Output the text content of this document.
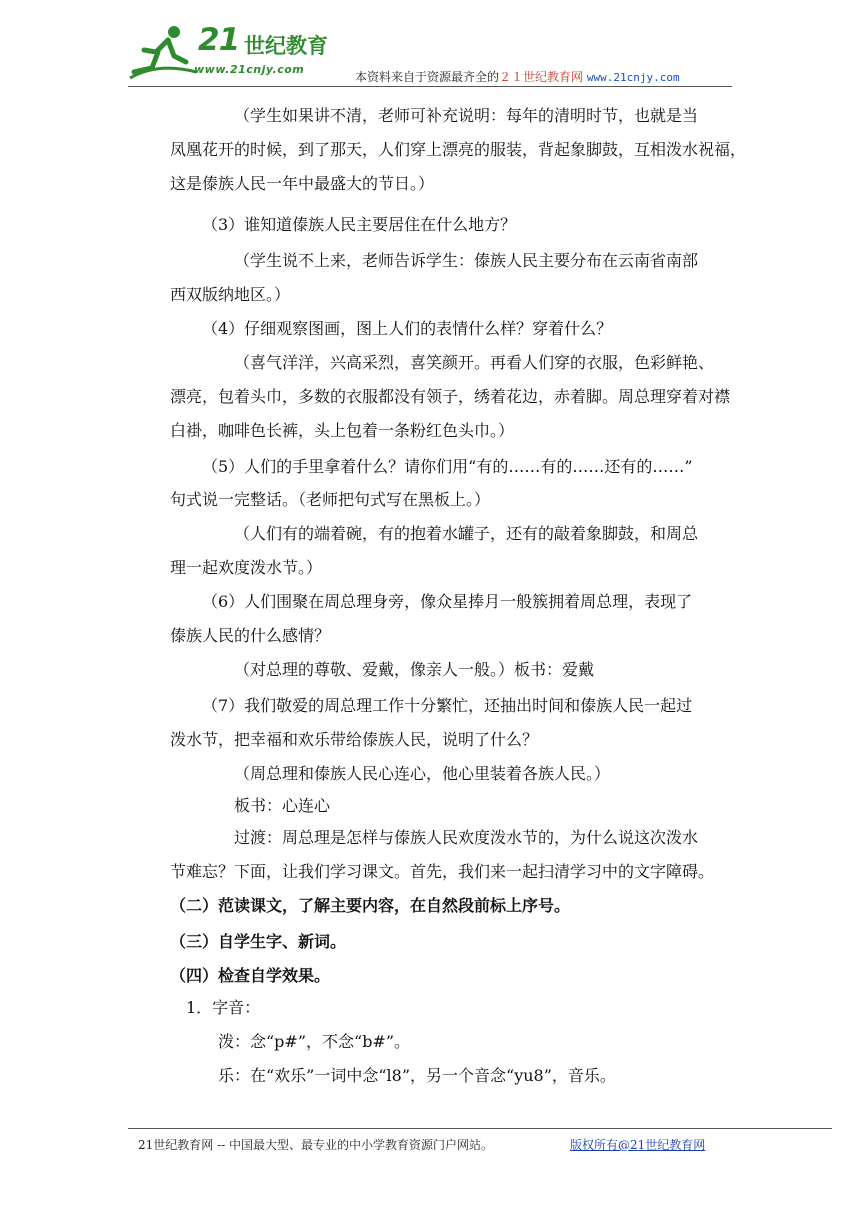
21 世纪教育
www.21cnjy.com
本资料来自于资源最齐全的２１世纪教育网 www.21cnjy.com
（学生如果讲不清，老师可补充说明：每年的清明时节，也就是当
凤凰花开的时候，到了那天，人们穿上漂亮的服装，背起象脚鼓，互相泼水祝福，
这是傣族人民一年中最盛大的节日。）
（3）谁知道傣族人民主要居住在什么地方？
（学生说不上来，老师告诉学生：傣族人民主要分布在云南省南部
西双版纳地区。）
（4）仔细观察图画，图上人们的表情什么样？穿着什么？
（喜气洋洋，兴高采烈，喜笑颜开。再看人们穿的衣服，色彩鲜艳、
漂亮，包着头巾，多数的衣服都没有领子，绣着花边，赤着脚。周总理穿着对襟
白褂，咖啡色长裤，头上包着一条粉红色头巾。）
（5）人们的手里拿着什么？请你们用“有的……有的……还有的……”
句式说一完整话。（老师把句式写在黑板上。）
（人们有的端着碗，有的抱着水罐子，还有的敲着象脚鼓，和周总
理一起欢度泼水节。）
（6）人们围聚在周总理身旁，像众星捧月一般簇拥着周总理，表现了
傣族人民的什么感情？
（对总理的尊敬、爱戴，像亲人一般。）板书：爱戴
（7）我们敬爱的周总理工作十分繁忙，还抽出时间和傣族人民一起过
泼水节，把幸福和欢乐带给傣族人民，说明了什么？
（周总理和傣族人民心连心，他心里装着各族人民。）
板书：心连心
过渡：周总理是怎样与傣族人民欢度泼水节的，为什么说这次泼水
节难忘？下面，让我们学习课文。首先，我们来一起扫清学习中的文字障碍。
（二）范读课文，了解主要内容，在自然段前标上序号。
（三）自学生字、新词。
（四）检查自学效果。
1．字音：
泼：念“p#”，不念“b#”。
乐：在“欢乐”一词中念“l8”，另一个音念“yu8”，音乐。
21世纪教育网 -- 中国最大型、最专业的中小学教育资源门户网站。	版权所有@21世纪教育网
